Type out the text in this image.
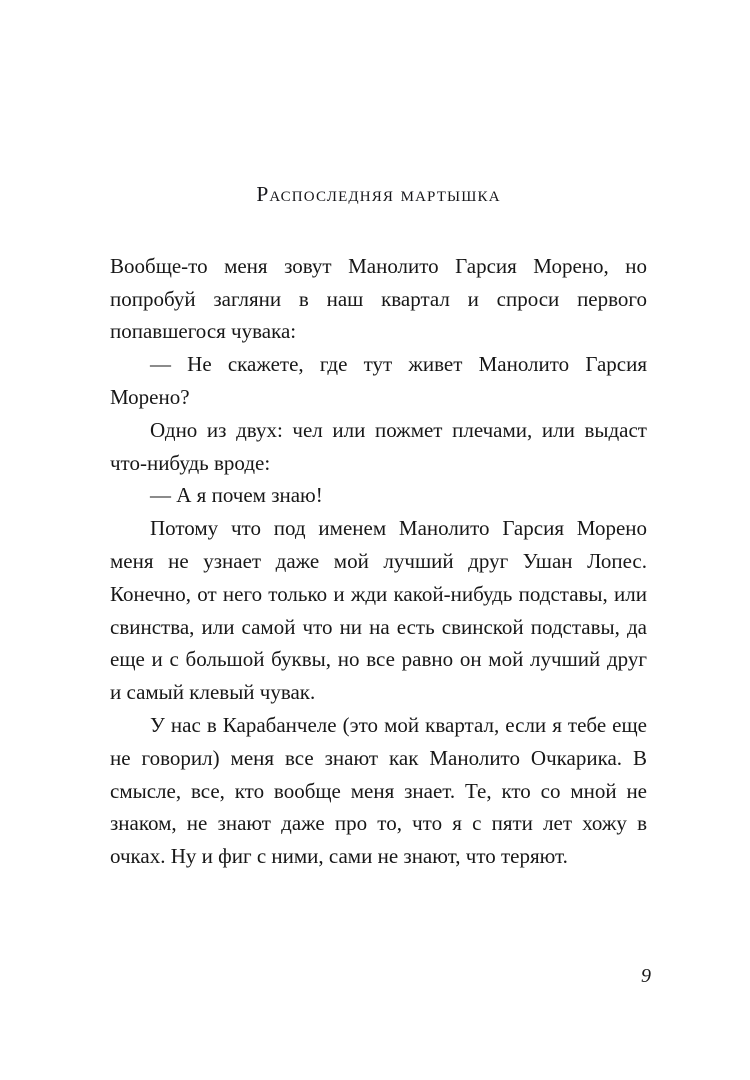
Распоследняя мартышка

Вообще-то меня зовут Манолито Гарсия Морено, но попробуй загляни в наш квартал и спроси первого попавшегося чувака:

— Не скажете, где тут живет Манолито Гарсия Морено?

Одно из двух: чел или пожмет плечами, или выдаст что-нибудь вроде:

— А я почем знаю!

Потому что под именем Манолито Гарсия Морено меня не узнает даже мой лучший друг Ушан Лопес. Конечно, от него только и жди какой-нибудь подставы, или свинства, или самой что ни на есть свинской подставы, да еще и с большой буквы, но все равно он мой лучший друг и самый клевый чувак.

У нас в Карабанчеле (это мой квартал, если я тебе еще не говорил) меня все знают как Манолито Очкарика. В смысле, все, кто вообще меня знает. Те, кто со мной не знаком, не знают даже про то, что я с пяти лет хожу в очках. Ну и фиг с ними, сами не знают, что теряют.

9
